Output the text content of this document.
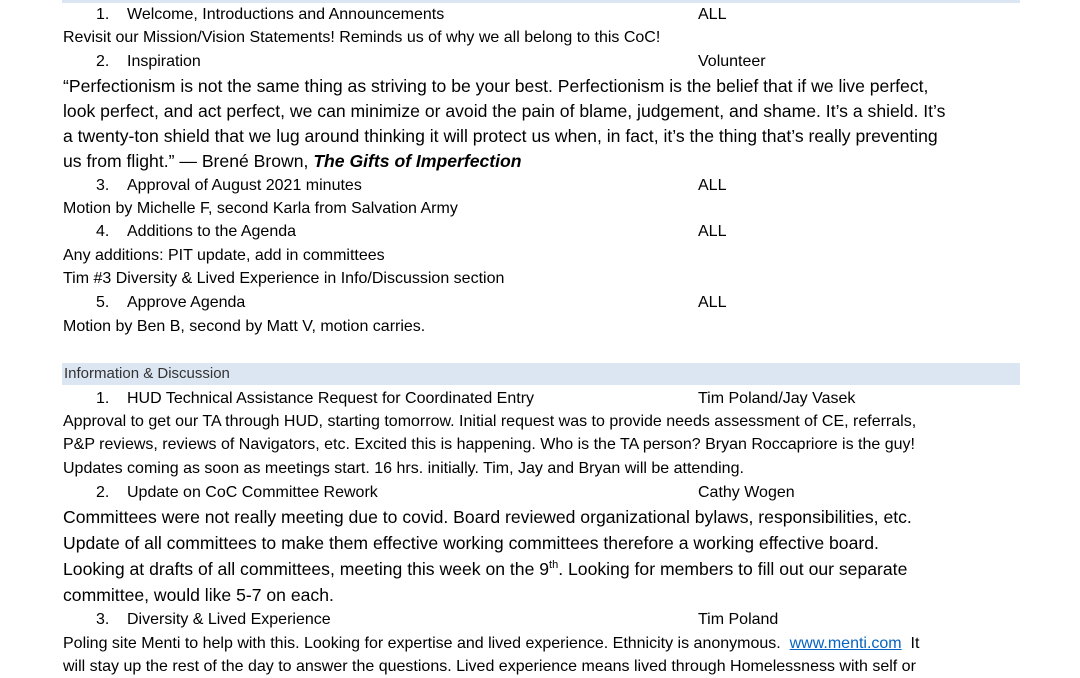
1. Welcome, Introductions and Announcements	ALL
Revisit our Mission/Vision Statements! Reminds us of why we all belong to this CoC!
2. Inspiration	Volunteer
“Perfectionism is not the same thing as striving to be your best. Perfectionism is the belief that if we live perfect,
look perfect, and act perfect, we can minimize or avoid the pain of blame, judgement, and shame. It’s a shield. It’s
a twenty-ton shield that we lug around thinking it will protect us when, in fact, it’s the thing that’s really preventing
us from flight.” — Brené Brown, The Gifts of Imperfection
3. Approval of August 2021 minutes	ALL
Motion by Michelle F, second Karla from Salvation Army
4. Additions to the Agenda	ALL
Any additions: PIT update, add in committees
Tim #3 Diversity & Lived Experience in Info/Discussion section
5. Approve Agenda	ALL
Motion by Ben B, second by Matt V, motion carries.
Information & Discussion
1. HUD Technical Assistance Request for Coordinated Entry	Tim Poland/Jay Vasek
Approval to get our TA through HUD, starting tomorrow. Initial request was to provide needs assessment of CE, referrals,
P&P reviews, reviews of Navigators, etc. Excited this is happening. Who is the TA person? Bryan Roccapriore is the guy!
Updates coming as soon as meetings start. 16 hrs. initially. Tim, Jay and Bryan will be attending.
2. Update on CoC Committee Rework	Cathy Wogen
Committees were not really meeting due to covid. Board reviewed organizational bylaws, responsibilities, etc.
Update of all committees to make them effective working committees therefore a working effective board.
Looking at drafts of all committees, meeting this week on the 9th. Looking for members to fill out our separate
committee, would like 5-7 on each.
3. Diversity & Lived Experience	Tim Poland
Poling site Menti to help with this. Looking for expertise and lived experience. Ethnicity is anonymous.  www.menti.com  It
will stay up the rest of the day to answer the questions. Lived experience means lived through Homelessness with self or
